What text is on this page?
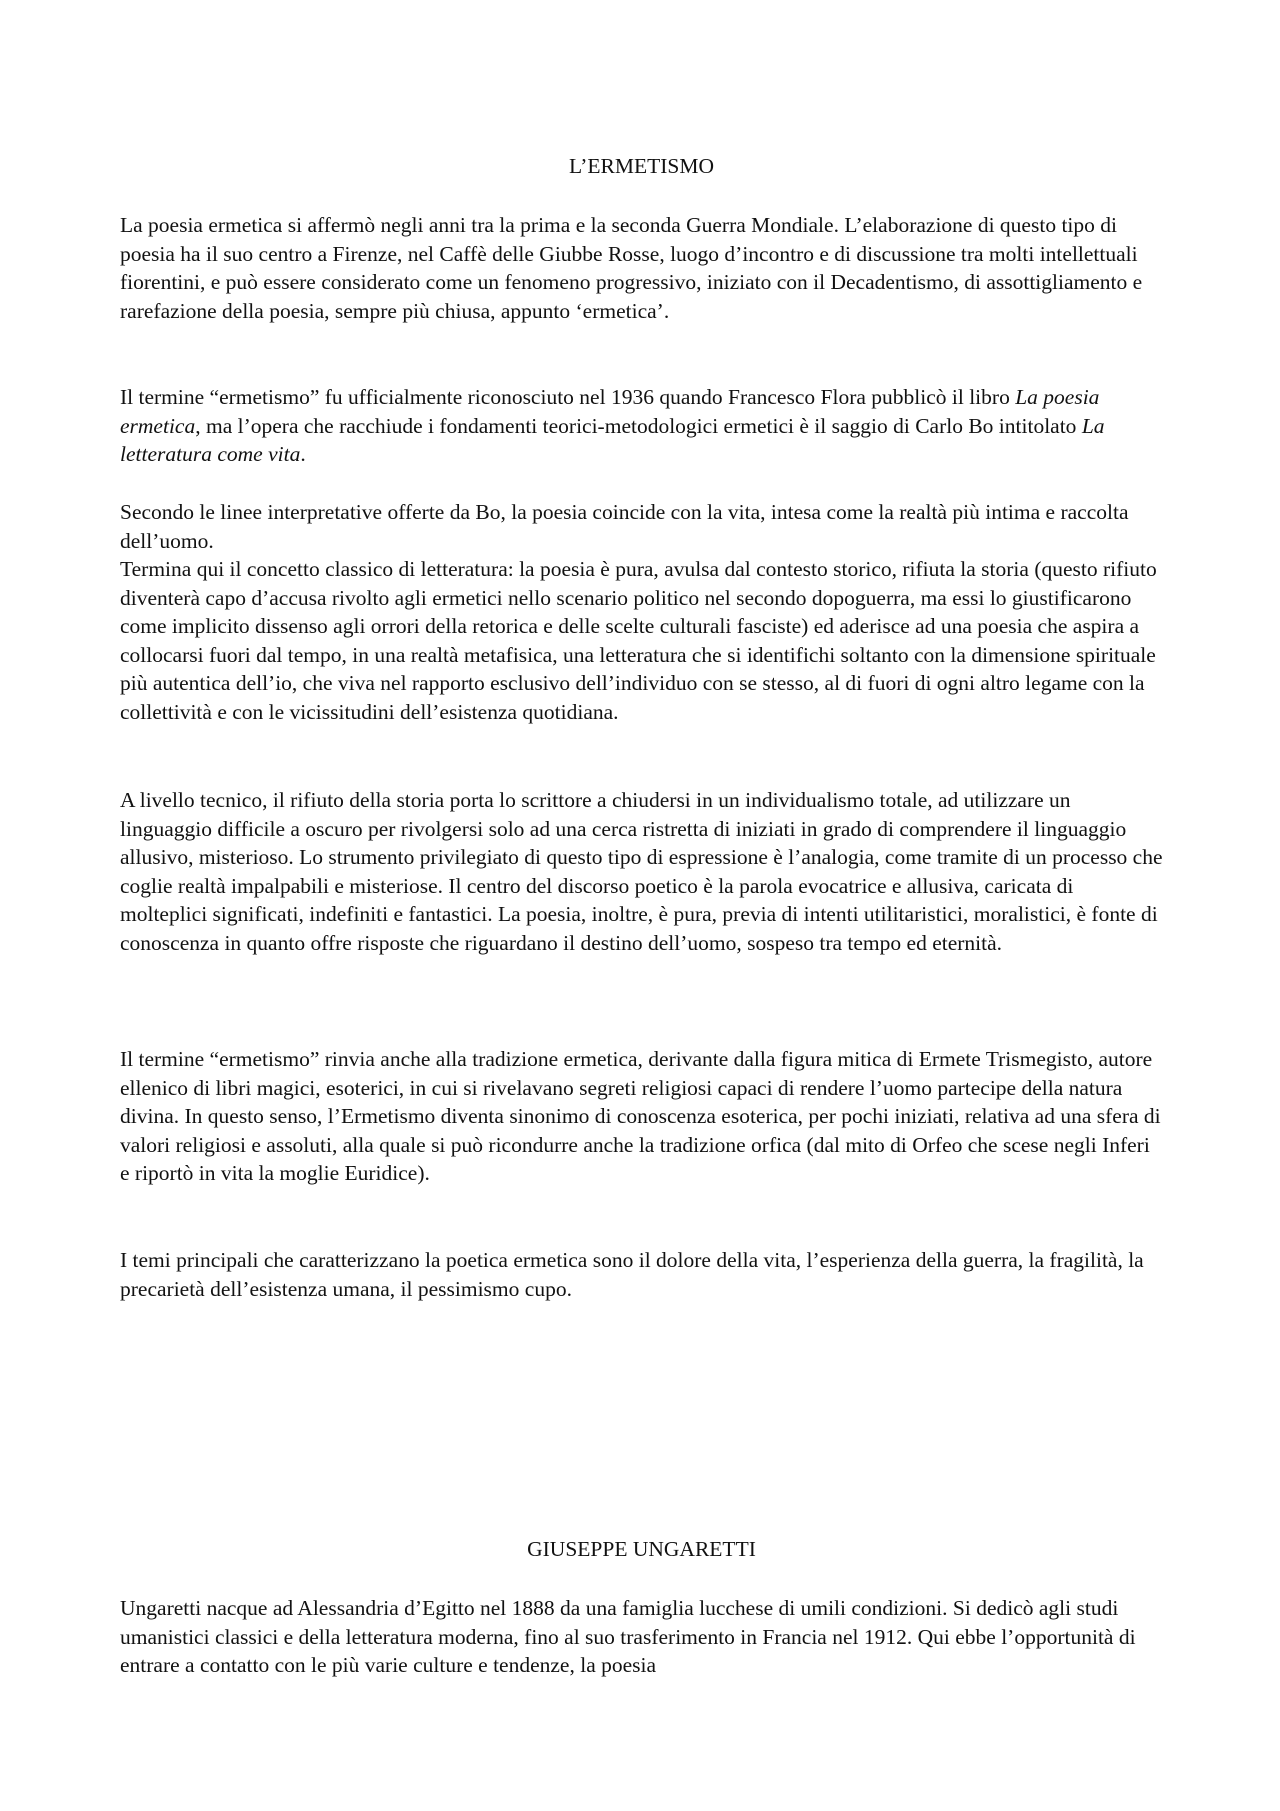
L’ERMETISMO

La poesia ermetica si affermò negli anni tra la prima e la seconda Guerra Mondiale. L’elaborazione di questo tipo di poesia ha il suo centro a Firenze, nel Caffè delle Giubbe Rosse, luogo d’incontro e di discussione tra molti intellettuali fiorentini, e può essere considerato come un fenomeno progressivo, iniziato con il Decadentismo, di assottigliamento e rarefazione della poesia, sempre più chiusa, appunto ‘ermetica’.

Il termine “ermetismo” fu ufficialmente riconosciuto nel 1936 quando Francesco Flora pubblicò il libro La poesia ermetica, ma l’opera che racchiude i fondamenti teorici-metodologici ermetici è il saggio di Carlo Bo intitolato La letteratura come vita.

Secondo le linee interpretative offerte da Bo, la poesia coincide con la vita, intesa come la realtà più intima e raccolta dell’uomo.

Termina qui il concetto classico di letteratura: la poesia è pura, avulsa dal contesto storico, rifiuta la storia (questo rifiuto diventerà capo d’accusa rivolto agli ermetici nello scenario politico nel secondo dopoguerra, ma essi lo giustificarono come implicito dissenso agli orrori della retorica e delle scelte culturali fasciste) ed aderisce ad una poesia che aspira a collocarsi fuori dal tempo, in una realtà metafisica, una letteratura che si identifichi soltanto con la dimensione spirituale più autentica dell’io, che viva nel rapporto esclusivo dell’individuo con se stesso, al di fuori di ogni altro legame con la collettività e con le vicissitudini dell’esistenza quotidiana.

A livello tecnico, il rifiuto della storia porta lo scrittore a chiudersi in un individualismo totale, ad utilizzare un linguaggio difficile a oscuro per rivolgersi solo ad una cerca ristretta di iniziati in grado di comprendere il linguaggio allusivo, misterioso. Lo strumento privilegiato di questo tipo di espressione è l’analogia, come tramite di un processo che coglie realtà impalpabili e misteriose. Il centro del discorso poetico è la parola evocatrice e allusiva, caricata di molteplici significati, indefiniti e fantastici. La poesia, inoltre, è pura, previa di intenti utilitaristici, moralistici, è fonte di conoscenza in quanto offre risposte che riguardano il destino dell’uomo, sospeso tra tempo ed eternità.

Il termine “ermetismo” rinvia anche alla tradizione ermetica, derivante dalla figura mitica di Ermete Trismegisto, autore ellenico di libri magici, esoterici, in cui si rivelavano segreti religiosi capaci di rendere l’uomo partecipe della natura divina. In questo senso, l’Ermetismo diventa sinonimo di conoscenza esoterica, per pochi iniziati, relativa ad una sfera di valori religiosi e assoluti, alla quale si può ricondurre anche la tradizione orfica (dal mito di Orfeo che scese negli Inferi e riportò in vita la moglie Euridice).

I temi principali che caratterizzano la poetica ermetica sono il dolore della vita, l’esperienza della guerra, la fragilità, la precarietà dell’esistenza umana, il pessimismo cupo.

GIUSEPPE UNGARETTI

Ungaretti nacque ad Alessandria d’Egitto nel 1888 da una famiglia lucchese di umili condizioni. Si dedicò agli studi umanistici classici e della letteratura moderna, fino al suo trasferimento in Francia nel 1912. Qui ebbe l’opportunità di entrare a contatto con le più varie culture e tendenze, la poesia
